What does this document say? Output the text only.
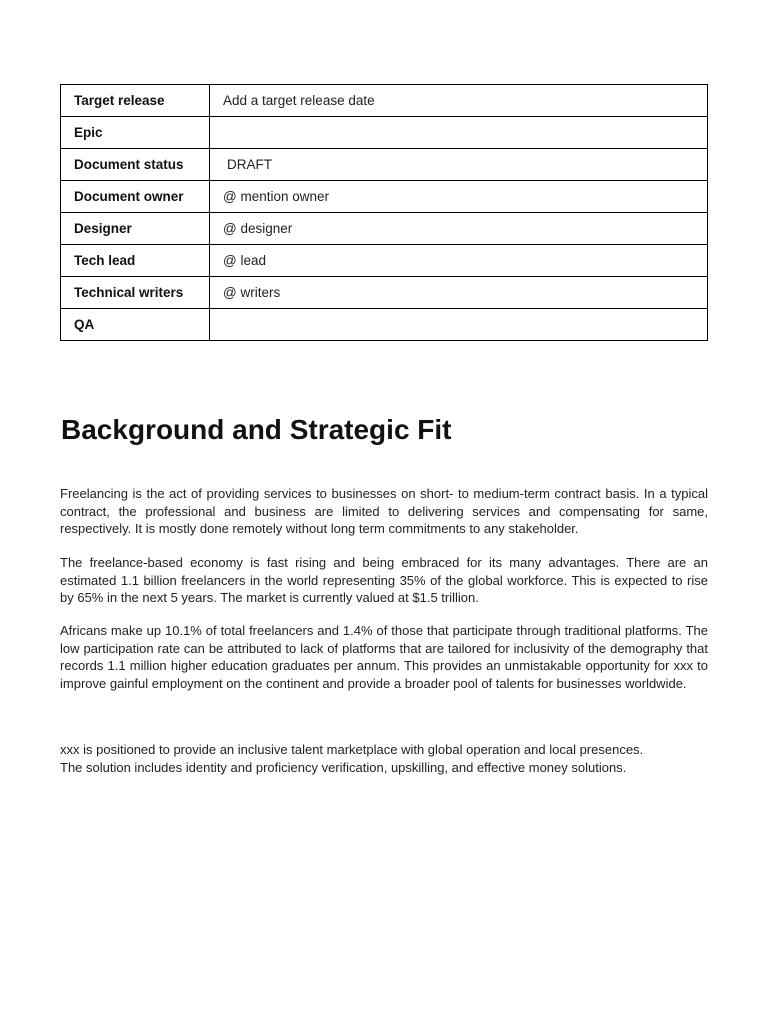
Target release	Add a target release date
Epic	
Document status	DRAFT
Document owner	@ mention owner
Designer	@ designer
Tech lead	@ lead
Technical writers	@ writers
QA	
Background and Strategic Fit

Freelancing is the act of providing services to businesses on short- to medium-term contract basis. In a typical contract, the professional and business are limited to delivering services and compensating for same, respectively. It is mostly done remotely without long term commitments to any stakeholder.

The freelance-based economy is fast rising and being embraced for its many advantages. There are an estimated 1.1 billion freelancers in the world representing 35% of the global workforce. This is expected to rise by 65% in the next 5 years. The market is currently valued at $1.5 trillion.

Africans make up 10.1% of total freelancers and 1.4% of those that participate through traditional platforms. The low participation rate can be attributed to lack of platforms that are tailored for inclusivity of the demography that records 1.1 million higher education graduates per annum. This provides an unmistakable opportunity for xxx to improve gainful employment on the continent and provide a broader pool of talents for businesses worldwide.

xxx is positioned to provide an inclusive talent marketplace with global operation and local presences.
The solution includes identity and proficiency verification, upskilling, and effective money solutions.
